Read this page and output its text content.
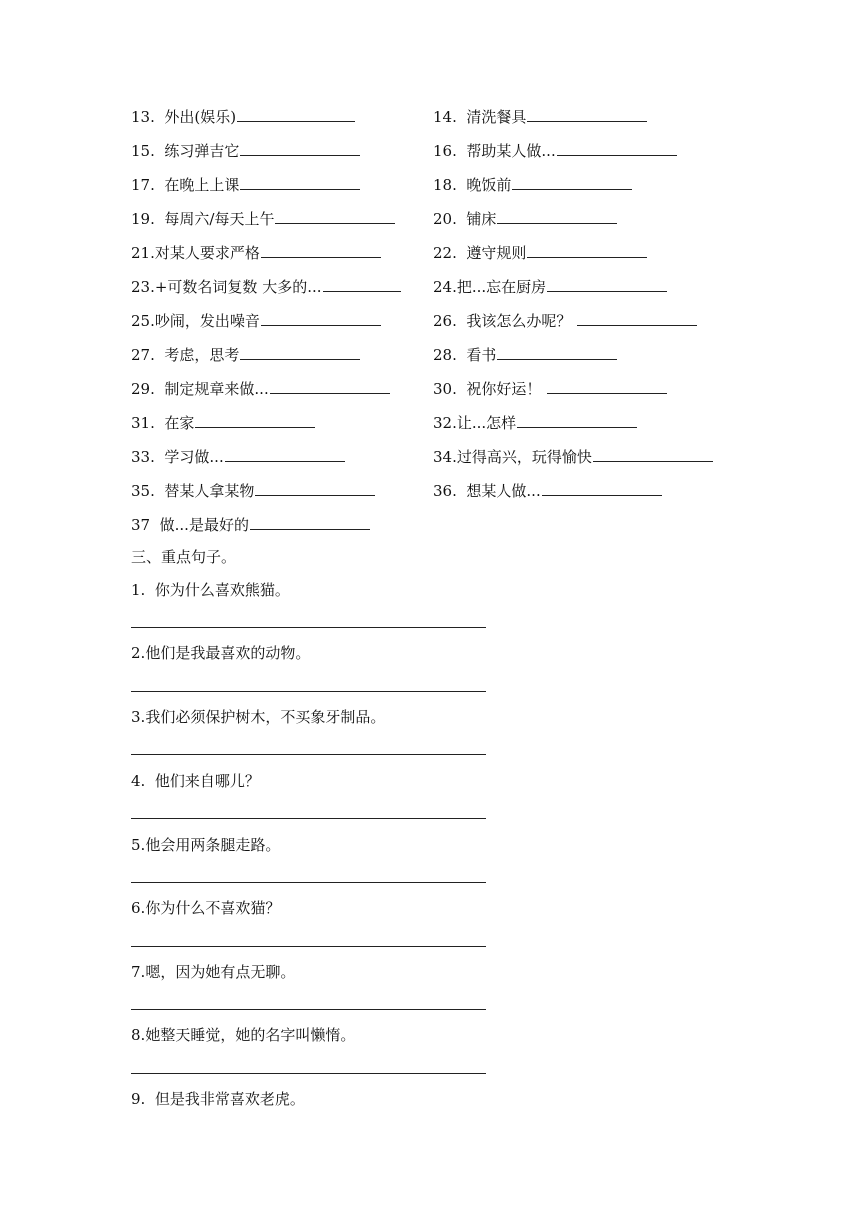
13. 外出(娱乐)	14. 清洗餐具
15. 练习弹吉它	16. 帮助某人做...
17. 在晚上上课	18. 晚饭前
19. 每周六/每天上午	20. 铺床
21.对某人要求严格	22. 遵守规则
23.+可数名词复数 大多的...	24.把...忘在厨房
25.吵闹，发出噪音	26. 我该怎么办呢？
27. 考虑，思考	28. 看书
29. 制定规章来做...	30. 祝你好运！
31. 在家	32.让...怎样
33. 学习做...	34.过得高兴，玩得愉快
35. 替某人拿某物	36. 想某人做...
37 做...是最好的
三、重点句子。
1. 你为什么喜欢熊猫。
2.他们是我最喜欢的动物。
3.我们必须保护树木，不买象牙制品。
4. 他们来自哪儿？
5.他会用两条腿走路。
6.你为什么不喜欢猫？
7.嗯，因为她有点无聊。
8.她整天睡觉，她的名字叫懒惰。
9. 但是我非常喜欢老虎。
